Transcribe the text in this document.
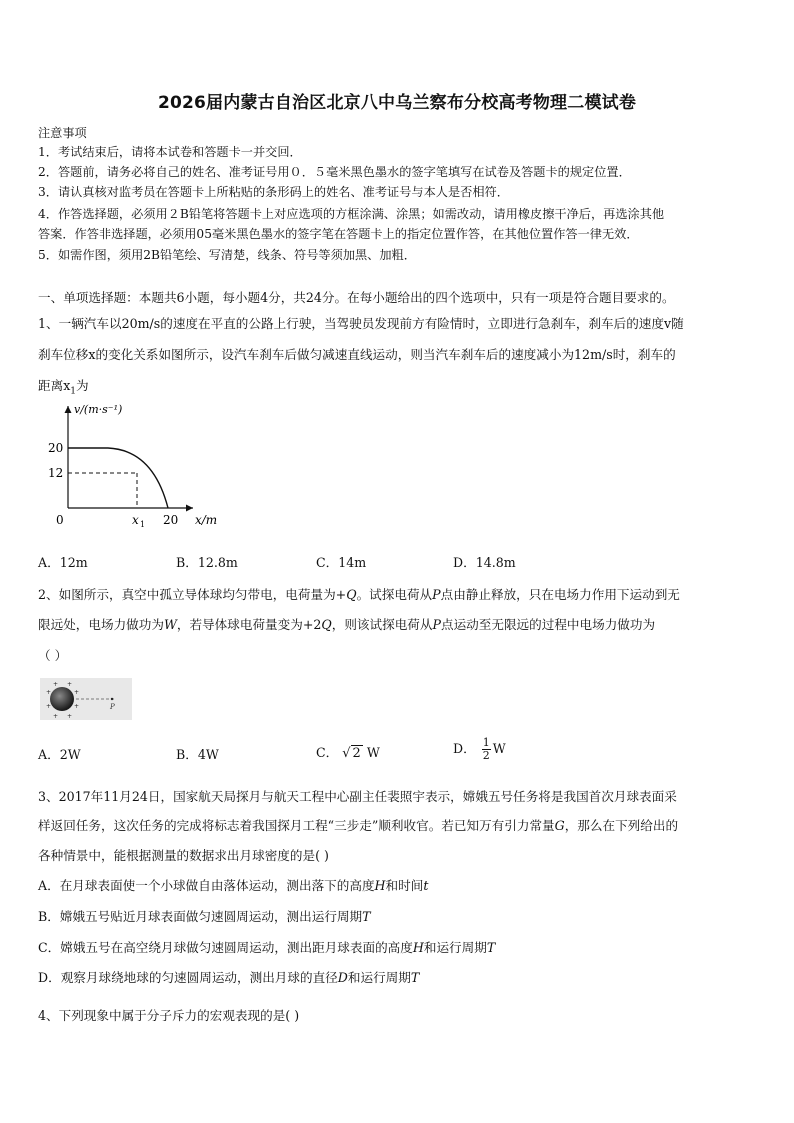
2026届内蒙古自治区北京八中乌兰察布分校高考物理二模试卷
注意事项
1．考试结束后，请将本试卷和答题卡一并交回．
2．答题前，请务必将自己的姓名、准考证号用０．５毫米黑色墨水的签字笔填写在试卷及答题卡的规定位置．
3．请认真核对监考员在答题卡上所粘贴的条形码上的姓名、准考证号与本人是否相符．
4．作答选择题，必须用２B铅笔将答题卡上对应选项的方框涂满、涂黑；如需改动，请用橡皮擦干净后，再选涂其他
答案．作答非选择题，必须用05毫米黑色墨水的签字笔在答题卡上的指定位置作答，在其他位置作答一律无效．
5．如需作图，须用2B铅笔绘、写清楚，线条、符号等须加黑、加粗．
一、单项选择题：本题共6小题，每小题4分，共24分。在每小题给出的四个选项中，只有一项是符合题目要求的。
1、一辆汽车以20m/s的速度在平直的公路上行驶，当驾驶员发现前方有险情时，立即进行急刹车，刹车后的速度v随
刹车位移x的变化关系如图所示，设汽车刹车后做匀减速直线运动，则当汽车刹车后的速度减小为12m/s时，刹车的
距离$x_1$为
v/(m·s⁻¹)
20
12
0	x 1 20 x/m
A．12m	B．12.8m	C．14m	D．14.8m
2、如图所示，真空中孤立导体球均匀带电，电荷量为+Q。试探电荷从P点由静止释放，只在电场力作用下运动到无
限远处，电场力做功为W，若导体球电荷量变为+2Q，则该试探电荷从P点运动至无限远的过程中电场力做功为
（ ）
+ +
+
+
+
+
+ +
P
A．2W	B．4W	C． √ 2 W	D． $\frac{1}{2}$ W
3、2017年11月24日，国家航天局探月与航天工程中心副主任裴照宇表示，嫦娥五号任务将是我国首次月球表面采
样返回任务，这次任务的完成将标志着我国探月工程“三步走”顺利收官。若已知万有引力常量G，那么在下列给出的
各种情景中，能根据测量的数据求出月球密度的是( )
A．在月球表面使一个小球做自由落体运动，测出落下的高度H和时间t
B．嫦娥五号贴近月球表面做匀速圆周运动，测出运行周期T
C．嫦娥五号在高空绕月球做匀速圆周运动，测出距月球表面的高度H和运行周期T
D．观察月球绕地球的匀速圆周运动，测出月球的直径D和运行周期T
4、下列现象中属于分子斥力的宏观表现的是( )
